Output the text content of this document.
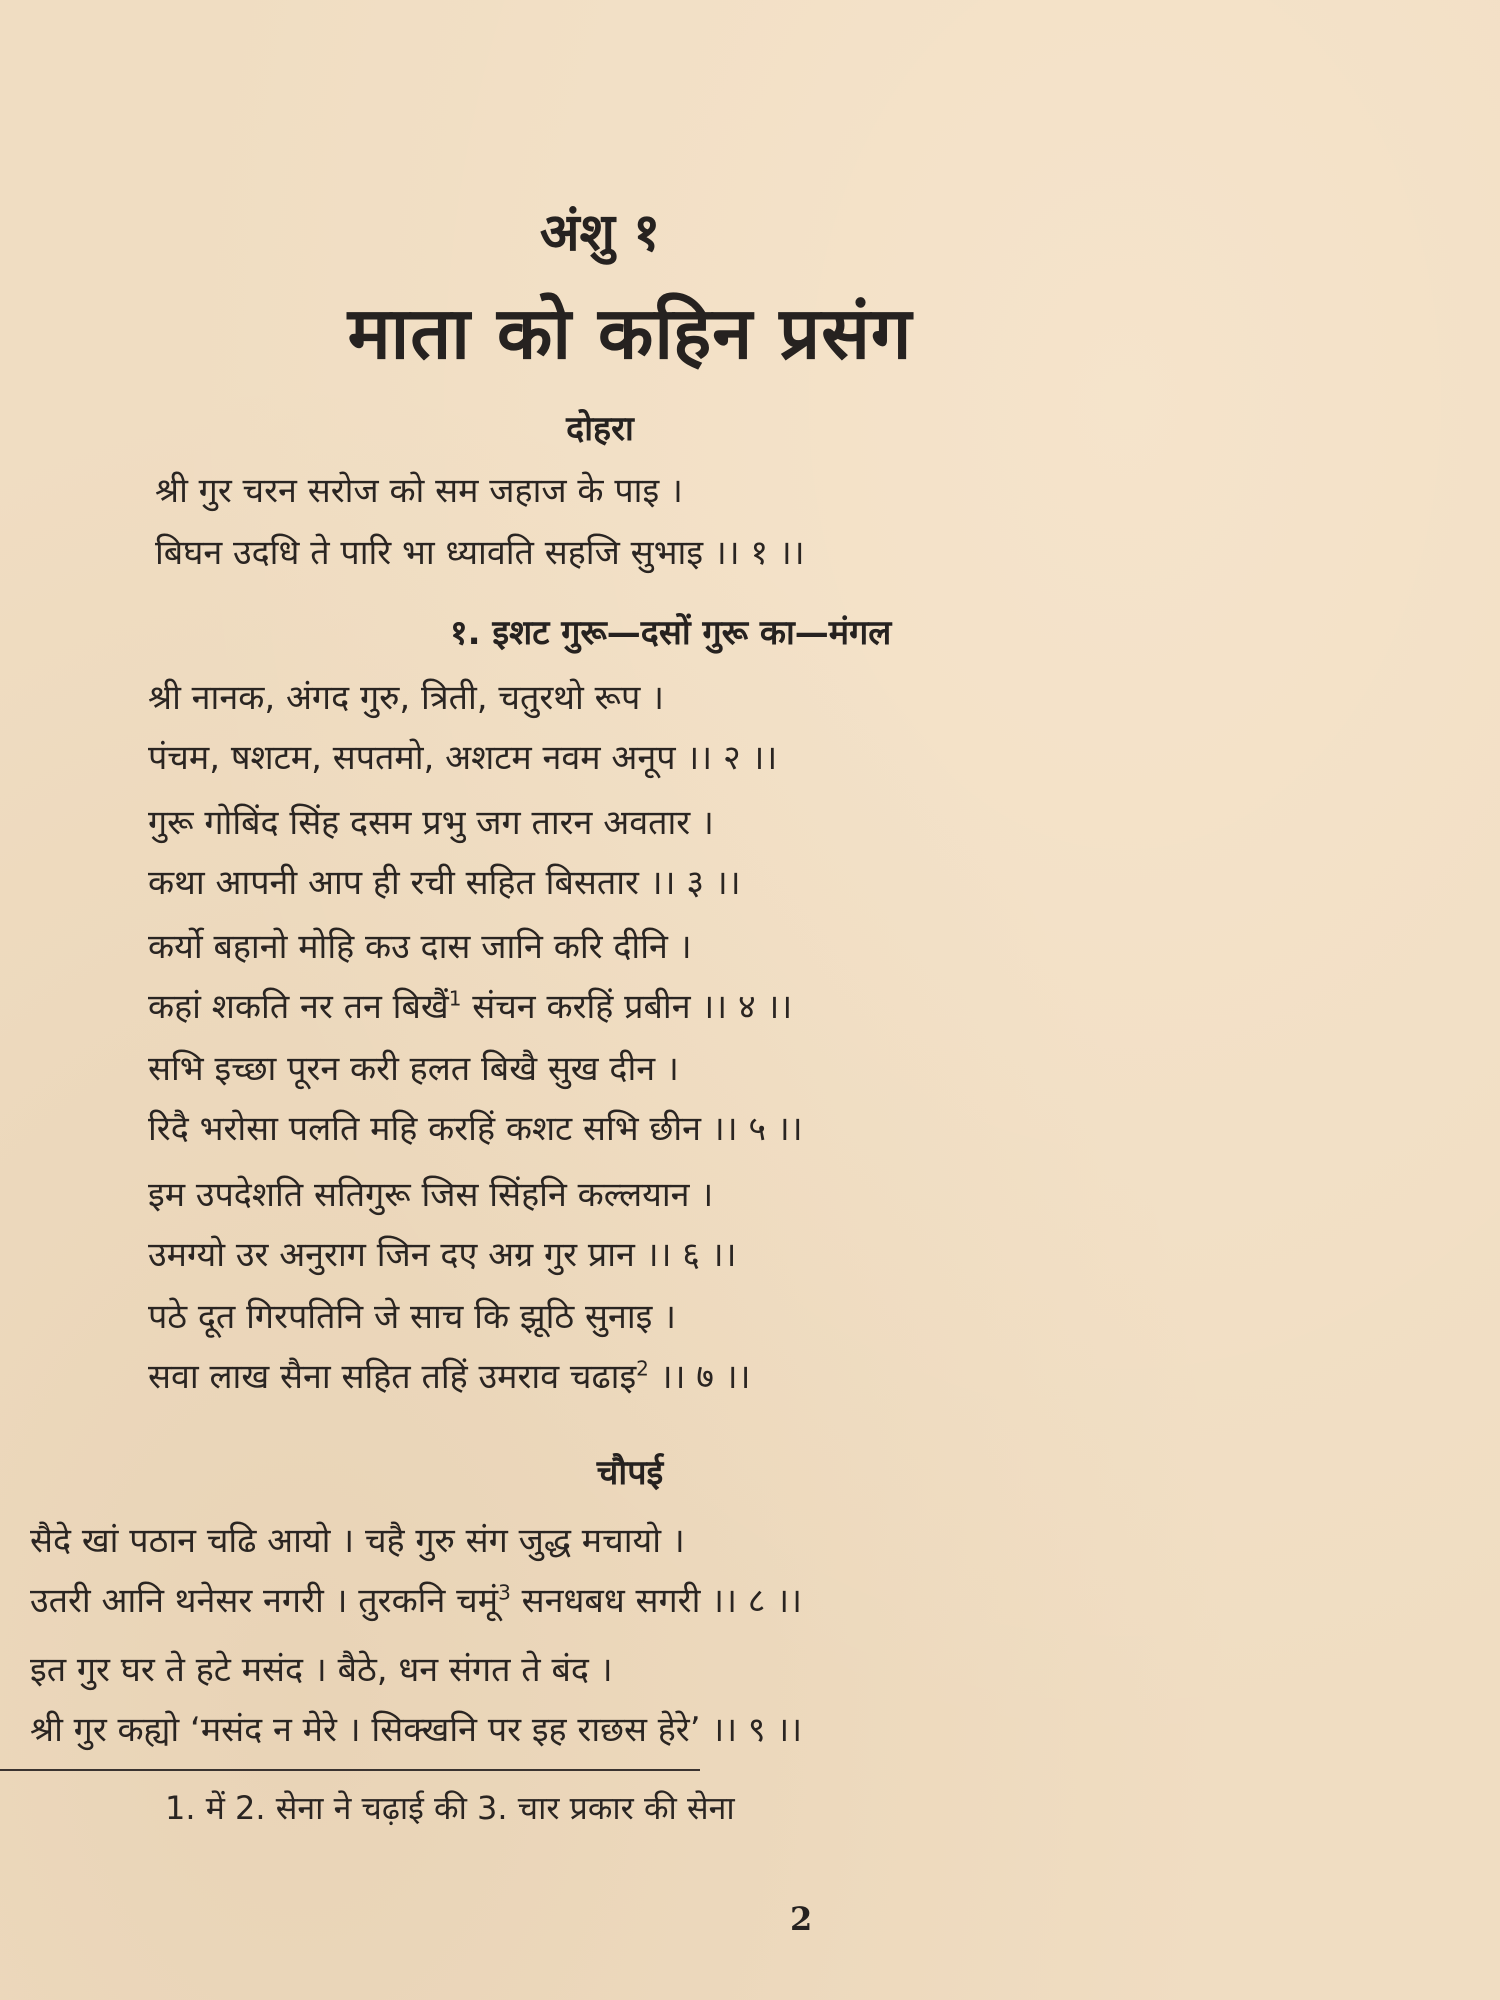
अंशु १
माता को कहिन प्रसंग
दोहरा
श्री गुर चरन सरोज को सम जहाज के पाइ ।
बिघन उदधि ते पारि भा ध्यावति सहजि सुभाइ ।। १ ।।
१. इशट गुरू—दसों गुरू का—मंगल
श्री नानक, अंगद गुरु, त्रिती, चतुरथो रूप ।
पंचम, षशटम, सपतमो, अशटम नवम अनूप ।। २ ।।
गुरू गोबिंद सिंह दसम प्रभु जग तारन अवतार ।
कथा आपनी आप ही रची सहित बिसतार ।। ३ ।।
कर्यो बहानो मोहि कउ दास जानि करि दीनि ।
कहां शकति नर तन बिखैं$^1$ संचन करहिं प्रबीन ।। ४ ।।
सभि इच्छा पूरन करी हलत बिखै सुख दीन ।
रिदै भरोसा पलति महि करहिं कशट सभि छीन ।। ५ ।।
इम उपदेशति सतिगुरू जिस सिंहनि कल्लयान ।
उमग्यो उर अनुराग जिन दए अग्र गुर प्रान ।। ६ ।।
पठे दूत गिरपतिनि जे साच कि झूठि सुनाइ ।
सवा लाख सैना सहित तहिं उमराव चढाइ$^2$ ।। ७ ।।
चौपई
सैदे खां पठान चढि आयो । चहै गुरु संग जुद्ध मचायो ।
उतरी आनि थनेसर नगरी । तुरकनि चमूं$^3$ सनधबध सगरी ।। ८ ।।
इत गुर घर ते हटे मसंद । बैठे, धन संगत ते बंद ।
श्री गुर कह्यो ‘मसंद न मेरे । सिक्खनि पर इह राछस हेरे’ ।। ९ ।।
1. में 2. सेना ने चढ़ाई की 3. चार प्रकार की सेना
2
